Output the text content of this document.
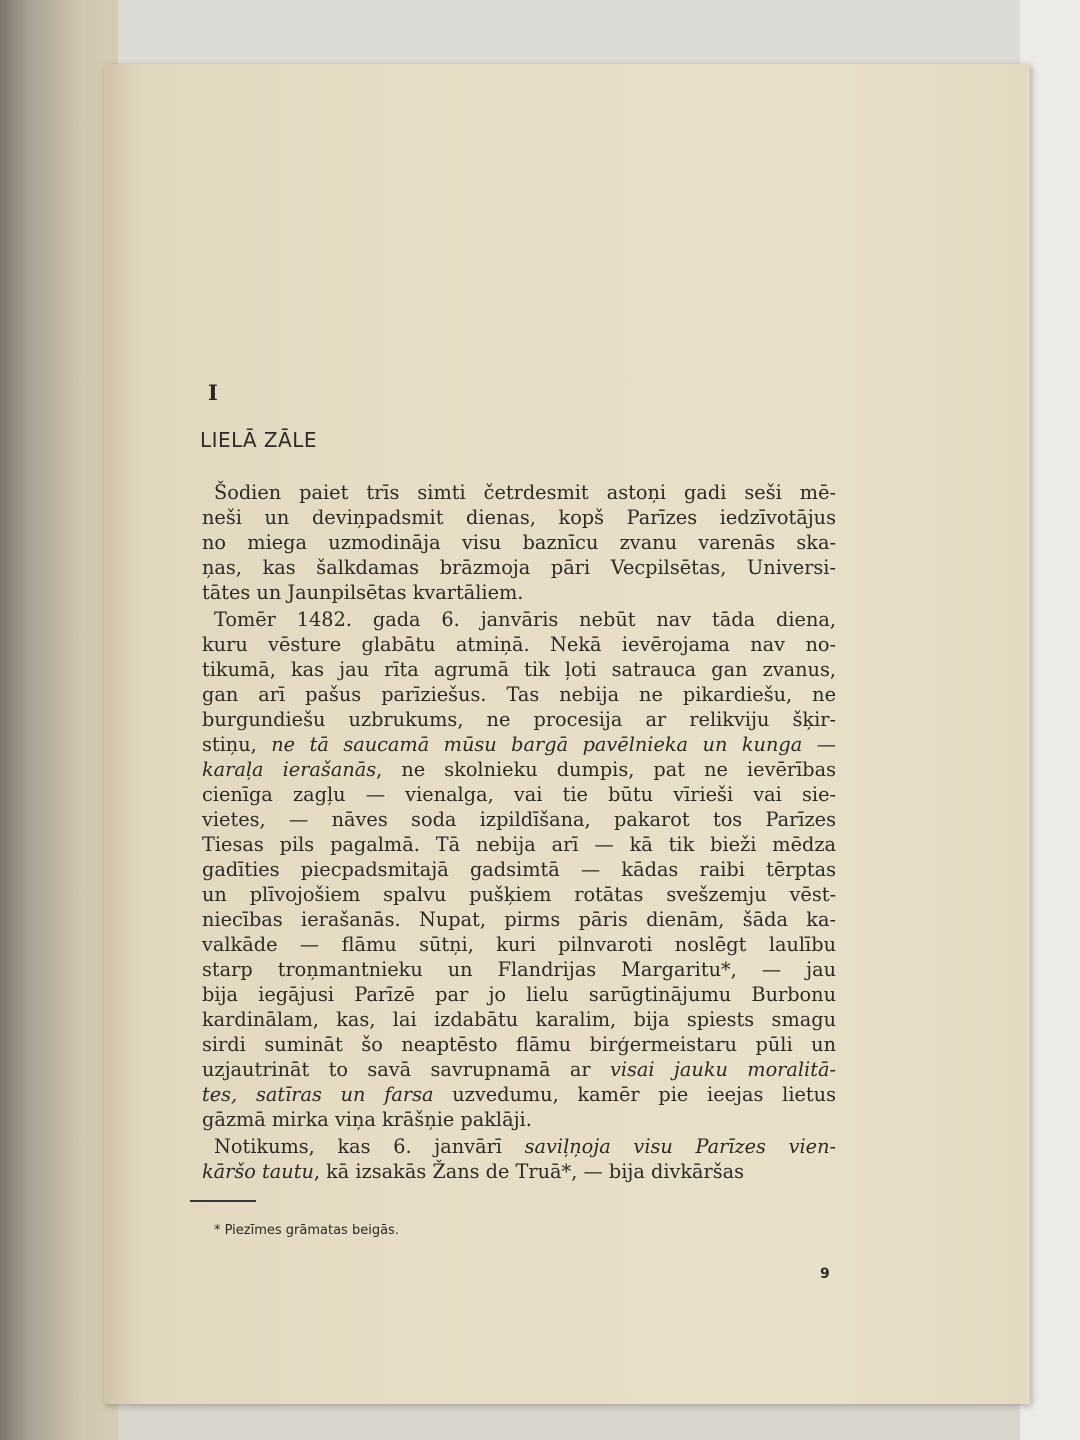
I
LIELĀ ZĀLE
Šodien paiet trīs simti četrdesmit astoņi gadi seši mē-
neši un deviņpadsmit dienas, kopš Parīzes iedzīvotājus
no miega uzmodināja visu baznīcu zvanu varenās ska-
ņas, kas šalkdamas brāzmoja pāri Vecpilsētas, Universi-
tātes un Jaunpilsētas kvartāliem.
Tomēr 1482. gada 6. janvāris nebūt nav tāda diena,
kuru vēsture glabātu atmiņā. Nekā ievērojama nav no-
tikumā, kas jau rīta agrumā tik ļoti satrauca gan zvanus,
gan arī pašus parīziešus. Tas nebija ne pikardiešu, ne
burgundiešu uzbrukums, ne procesija ar relikviju šķir-
stiņu, ne tā saucamā mūsu bargā pavēlnieka un kunga —
karaļa ierašanās, ne skolnieku dumpis, pat ne ievērības
cienīga zagļu — vienalga, vai tie būtu vīrieši vai sie-
vietes, — nāves soda izpildīšana, pakarot tos Parīzes
Tiesas pils pagalmā. Tā nebija arī — kā tik bieži mēdza
gadīties piecpadsmitajā gadsimtā — kādas raibi tērptas
un plīvojošiem spalvu pušķiem rotātas svešzemju vēst-
niecības ierašanās. Nupat, pirms pāris dienām, šāda ka-
valkāde — flāmu sūtņi, kuri pilnvaroti noslēgt laulību
starp troņmantnieku un Flandrijas Margaritu*, — jau
bija iegājusi Parīzē par jo lielu sarūgtinājumu Burbonu
kardinālam, kas, lai izdabātu karalim, bija spiests smagu
sirdi sumināt šo neaptēsto flāmu birģermeistaru pūli un
uzjautrināt to savā savrupnamā ar visai jauku moralitā-
tes, satīras un farsa uzvedumu, kamēr pie ieejas lietus
gāzmā mirka viņa krāšņie paklāji.
Notikums, kas 6. janvārī saviļņoja visu Parīzes vien-
kāršo tautu, kā izsakās Žans de Truā*, — bija divkāršas
* Piezīmes grāmatas beigās.
9
